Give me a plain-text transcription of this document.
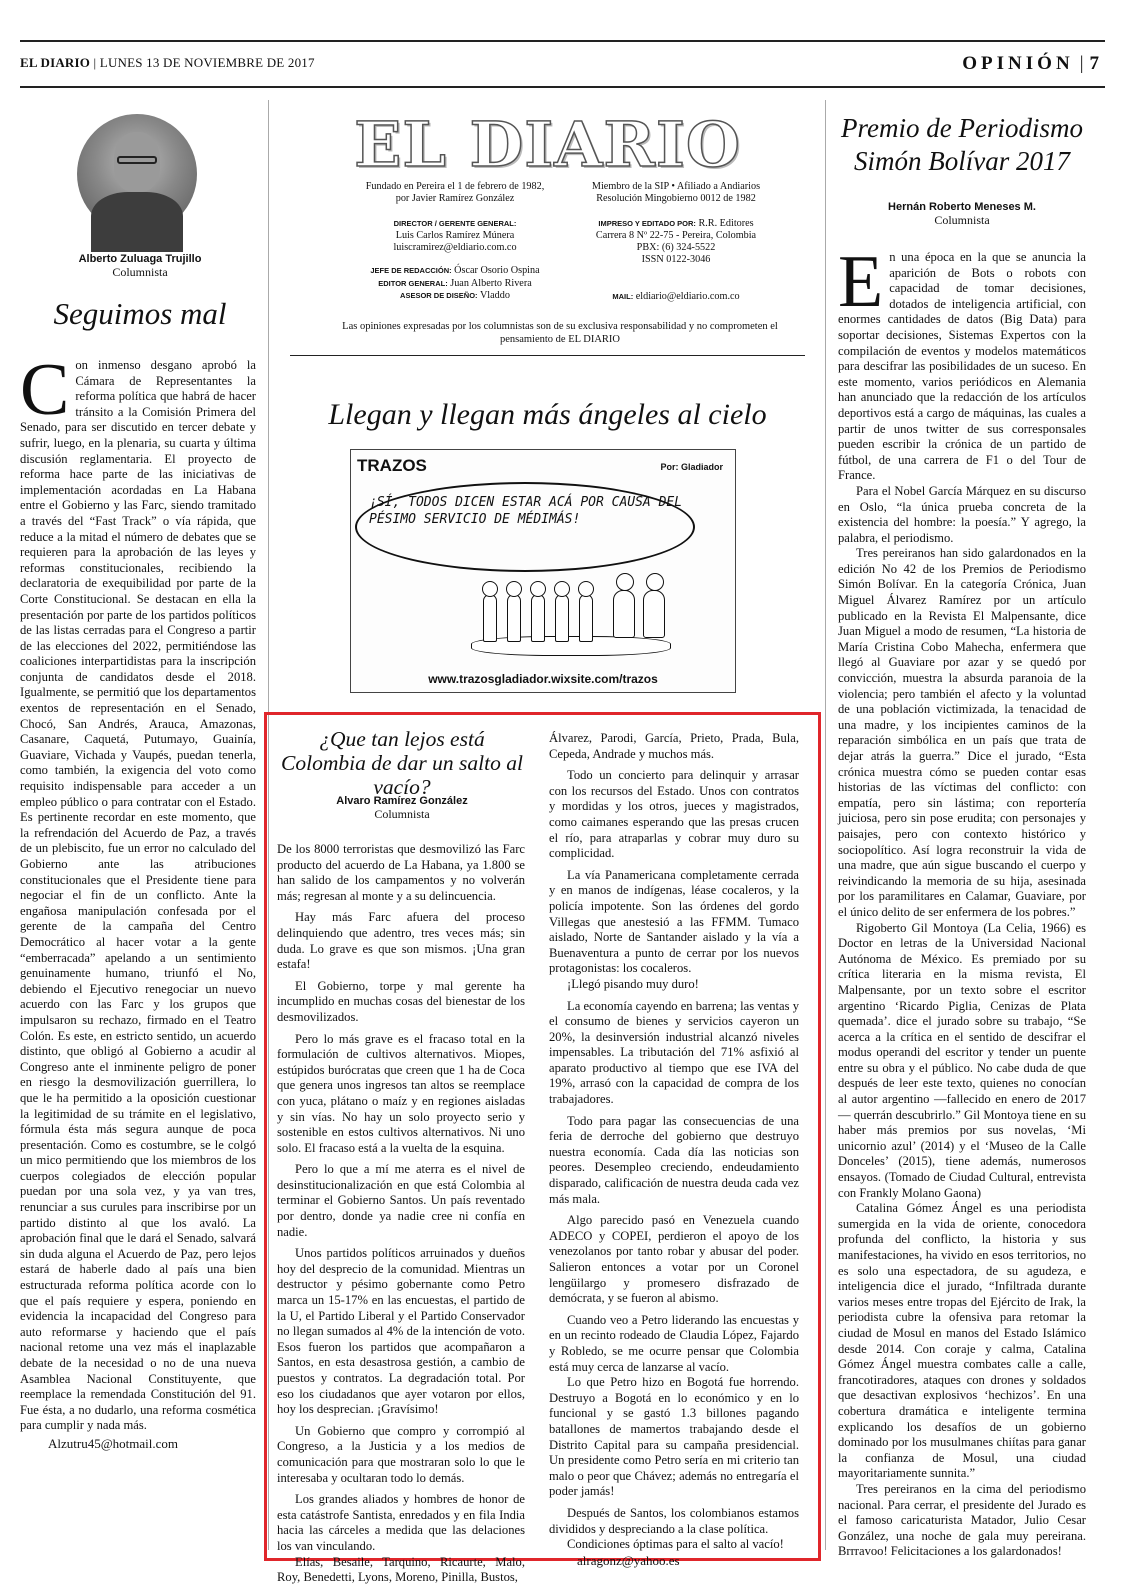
EL DIARIO | LUNES 13 DE NOVIEMBRE DE 2017	OPINIÓN | 7
Alberto Zuluaga Trujillo
Columnista
Seguimos mal
Con inmenso desgano aprobó la Cámara de Representantes la reforma política que habrá de hacer tránsito a la Comisión Primera del Senado, para ser discutido en tercer debate y sufrir, luego, en la plenaria, su cuarta y última discusión reglamentaria. El proyecto de reforma hace parte de las iniciativas de implementación acordadas en La Habana entre el Gobierno y las Farc, siendo tramitado a través del “Fast Track” o vía rápida, que reduce a la mitad el número de debates que se requieren para la aprobación de las leyes y reformas constitucionales, recibiendo la declaratoria de exequibilidad por parte de la Corte Constitucional. Se destacan en ella la presentación por parte de los partidos políticos de las listas cerradas para el Congreso a partir de las elecciones del 2022, permitiéndose las coaliciones interpartidistas para la inscripción conjunta de candidatos desde el 2018. Igualmente, se permitió que los departamentos exentos de representación en el Senado, Chocó, San Andrés, Arauca, Amazonas, Casanare, Caquetá, Putumayo, Guainía, Guaviare, Vichada y Vaupés, puedan tenerla, como también, la exigencia del voto como requisito indispensable para acceder a un empleo público o para contratar con el Estado. Es pertinente recordar en este momento, que la refrendación del Acuerdo de Paz, a través de un plebiscito, fue un error no calculado del Gobierno ante las atribuciones constitucionales que el Presidente tiene para negociar el fin de un conflicto. Ante la engañosa manipulación confesada por el gerente de la campaña del Centro Democrático al hacer votar a la gente “emberracada” apelando a un sentimiento genuinamente humano, triunfó el No, debiendo el Ejecutivo renegociar un nuevo acuerdo con las Farc y los grupos que impulsaron su rechazo, firmado en el Teatro Colón. Es este, en estricto sentido, un acuerdo distinto, que obligó al Gobierno a acudir al Congreso ante el inminente peligro de poner en riesgo la desmovilización guerrillera, lo que le ha permitido a la oposición cuestionar la legitimidad de su trámite en el legislativo, fórmula ésta más segura aunque de poca presentación. Como es costumbre, se le colgó un mico permitiendo que los miembros de los cuerpos colegiados de elección popular puedan por una sola vez, y ya van tres, renunciar a sus curules para inscribirse por un partido distinto al que los avaló. La aprobación final que le dará el Senado, salvará sin duda alguna el Acuerdo de Paz, pero lejos estará de haberle dado al país una bien estructurada reforma política acorde con lo que el país requiere y espera, poniendo en evidencia la incapacidad del Congreso para auto reformarse y haciendo que el país nacional retome una vez más el inaplazable debate de la necesidad o no de una nueva Asamblea Nacional Constituyente, que reemplace la remendada Constitución del 91. Fue ésta, a no dudarlo, una reforma cosmética para cumplir y nada más.
Alzutru45@hotmail.com
EL DIARIO
Fundado en Pereira el 1 de febrero de 1982, por Javier Ramírez González
DIRECTOR / GERENTE GENERAL:
Luis Carlos Ramírez Múnera
luiscramirez@eldiario.com.co
JEFE DE REDACCIÓN: Óscar Osorio Ospina
EDITOR GENERAL: Juan Alberto Rivera
ASESOR DE DISEÑO: Vladdo
Miembro de la SIP • Afiliado a Andiarios
Resolución Mingobierno 0012 de 1982
IMPRESO Y EDITADO POR: R.R. Editores
Carrera 8 Nº 22-75 - Pereira, Colombia
PBX: (6) 324-5522
ISSN 0122-3046
MAIL: eldiario@eldiario.com.co
Las opiniones expresadas por los columnistas son de su exclusiva responsabilidad y no comprometen el pensamiento de EL DIARIO
Llegan y llegan más ángeles al cielo
TRAZOS	Por: Gladiador
¡SÍ, TODOS DICEN ESTAR ACÁ POR CAUSA DEL PÉSIMO SERVICIO DE MÉDIMÁS!
www.trazosgladiador.wixsite.com/trazos
¿Que tan lejos está Colombia de dar un salto al vacío?
Alvaro Ramírez González
Columnista

De los 8000 terroristas que desmovilizó las Farc producto del acuerdo de La Habana, ya 1.800 se han salido de los campamentos y no volverán más; regresan al monte y a su delincuencia.

Hay más Farc afuera del proceso delinquiendo que adentro, tres veces más; sin duda. Lo grave es que son mismos. ¡Una gran estafa!

El Gobierno, torpe y mal gerente ha incumplido en muchas cosas del bienestar de los desmovilizados.

Pero lo más grave es el fracaso total en la formulación de cultivos alternativos. Miopes, estúpidos burócratas que creen que 1 ha de Coca que genera unos ingresos tan altos se reemplace con yuca, plátano o maíz y en regiones aisladas y sin vías. No hay un solo proyecto serio y sostenible en estos cultivos alternativos. Ni uno solo. El fracaso está a la vuelta de la esquina.

Pero lo que a mí me aterra es el nivel de desinstitucionalización en que está Colombia al terminar el Gobierno Santos. Un país reventado por dentro, donde ya nadie cree ni confía en nadie.

Unos partidos políticos arruinados y dueños hoy del desprecio de la comunidad. Mientras un destructor y pésimo gobernante como Petro marca un 15-17% en las encuestas, el partido de la U, el Partido Liberal y el Partido Conservador no llegan sumados al 4% de la intención de voto. Esos fueron los partidos que acompañaron a Santos, en esta desastrosa gestión, a cambio de puestos y contratos. La degradación total. Por eso los ciudadanos que ayer votaron por ellos, hoy los desprecian. ¡Gravísimo!

Un Gobierno que compro y corrompió al Congreso, a la Justicia y a los medios de comunicación para que mostraran solo lo que le interesaba y ocultaran todo lo demás.

Los grandes aliados y hombres de honor de esta catástrofe Santista, enredados y en fila India hacia las cárceles a medida que las delaciones los van vinculando.

Elías, Besaile, Tarquino, Ricaurte, Malo, Roy, Benedetti, Lyons, Moreno, Pinilla, Bustos,

Álvarez, Parodi, García, Prieto, Prada, Bula, Cepeda, Andrade y muchos más.

Todo un concierto para delinquir y arrasar con los recursos del Estado. Unos con contratos y mordidas y los otros, jueces y magistrados, como caimanes esperando que las presas crucen el río, para atraparlas y cobrar muy duro su complicidad.

La vía Panamericana completamente cerrada y en manos de indígenas, léase cocaleros, y la policía impotente. Son las órdenes del gordo Villegas que anestesió a las FFMM. Tumaco aislado, Norte de Santander aislado y la vía a Buenaventura a punto de cerrar por los nuevos protagonistas: los cocaleros.

¡Llegó pisando muy duro!

La economía cayendo en barrena; las ventas y el consumo de bienes y servicios cayeron un 20%, la desinversión industrial alcanzó niveles impensables. La tributación del 71% asfixió al aparato productivo al tiempo que ese IVA del 19%, arrasó con la capacidad de compra de los trabajadores.

Todo para pagar las consecuencias de una feria de derroche del gobierno que destruyo nuestra economía. Cada día las noticias son peores. Desempleo creciendo, endeudamiento disparado, calificación de nuestra deuda cada vez más mala.

Algo parecido pasó en Venezuela cuando ADECO y COPEI, perdieron el apoyo de los venezolanos por tanto robar y abusar del poder. Salieron entonces a votar por un Coronel lengüilargo y promesero disfrazado de demócrata, y se fueron al abismo.

Cuando veo a Petro liderando las encuestas y en un recinto rodeado de Claudia López, Fajardo y Robledo, se me ocurre pensar que Colombia está muy cerca de lanzarse al vacío.

Lo que Petro hizo en Bogotá fue horrendo. Destruyo a Bogotá en lo económico y en lo funcional y se gastó 1.3 billones pagando batallones de mamertos trabajando desde el Distrito Capital para su campaña presidencial. Un presidente como Petro sería en mi criterio tan malo o peor que Chávez; además no entregaría el poder jamás!

Después de Santos, los colombianos estamos divididos y despreciando a la clase política.

Condiciones óptimas para el salto al vacío!

alragonz@yahoo.es

Premio de Periodismo Simón Bolívar 2017
Hernán Roberto Meneses M.
Columnista
En una época en la que se anuncia la aparición de Bots o robots con capacidad de tomar decisiones, dotados de inteligencia artificial, con enormes cantidades de datos (Big Data) para soportar decisiones, Sistemas Expertos con la compilación de eventos y modelos matemáticos para descifrar las posibilidades de un suceso. En este momento, varios periódicos en Alemania han anunciado que la redacción de los artículos deportivos está a cargo de máquinas, las cuales a partir de unos twitter de sus corresponsales pueden escribir la crónica de un partido de fútbol, de una carrera de F1 o del Tour de France.

Para el Nobel García Márquez en su discurso en Oslo, “la única prueba concreta de la existencia del hombre: la poesía.” Y agrego, la palabra, el periodismo.

Tres pereiranos han sido galardonados en la edición No 42 de los Premios de Periodismo Simón Bolívar. En la categoría Crónica, Juan Miguel Álvarez Ramírez por un artículo publicado en la Revista El Malpensante, dice Juan Miguel a modo de resumen, “La historia de María Cristina Cobo Mahecha, enfermera que llegó al Guaviare por azar y se quedó por convicción, muestra la absurda paranoia de la violencia; pero también el afecto y la voluntad de una población victimizada, la tenacidad de una madre, y los incipientes caminos de la reparación simbólica en un país que trata de dejar atrás la guerra.” Dice el jurado, “Esta crónica muestra cómo se pueden contar esas historias de las víctimas del conflicto: con empatía, pero sin lástima; con reportería juiciosa, pero sin pose erudita; con personajes y paisajes, pero con contexto histórico y sociopolítico. Así logra reconstruir la vida de una madre, que aún sigue buscando el cuerpo y reivindicando la memoria de su hija, asesinada por los paramilitares en Calamar, Guaviare, por el único delito de ser enfermera de los pobres.”

Rigoberto Gil Montoya (La Celia, 1966) es Doctor en letras de la Universidad Nacional Autónoma de México. Es premiado por su crítica literaria en la misma revista, El Malpensante, por un texto sobre el escritor argentino ‘Ricardo Piglia, Cenizas de Plata quemada’. dice el jurado sobre su trabajo, “Se acerca a la crítica en el sentido de descifrar el modus operandi del escritor y tender un puente entre su obra y el público. No cabe duda de que después de leer este texto, quienes no conocían al autor argentino —fallecido en enero de 2017— querrán descubrirlo.” Gil Montoya tiene en su haber más premios por sus novelas, ‘Mi unicornio azul’ (2014) y el ‘Museo de la Calle Donceles’ (2015), tiene además, numerosos ensayos. (Tomado de Ciudad Cultural, entrevista con Frankly Molano Gaona)

Catalina Gómez Ángel es una periodista sumergida en la vida de oriente, conocedora profunda del conflicto, la historia y sus manifestaciones, ha vivido en esos territorios, no es solo una espectadora, de su agudeza, e inteligencia dice el jurado, “Infiltrada durante varios meses entre tropas del Ejército de Irak, la periodista cubre la ofensiva para retomar la ciudad de Mosul en manos del Estado Islámico desde 2014. Con coraje y calma, Catalina Gómez Ángel muestra combates calle a calle, francotiradores, ataques con drones y soldados que desactivan explosivos ‘hechizos’. En una cobertura dramática e inteligente termina explicando los desafíos de un gobierno dominado por los musulmanes chiítas para ganar la confianza de Mosul, una ciudad mayoritariamente sunnita.”

Tres pereiranos en la cima del periodismo nacional. Para cerrar, el presidente del Jurado es el famoso caricaturista Matador, Julio Cesar González, una noche de gala muy pereirana. Brrravoo! Felicitaciones a los galardonados!
